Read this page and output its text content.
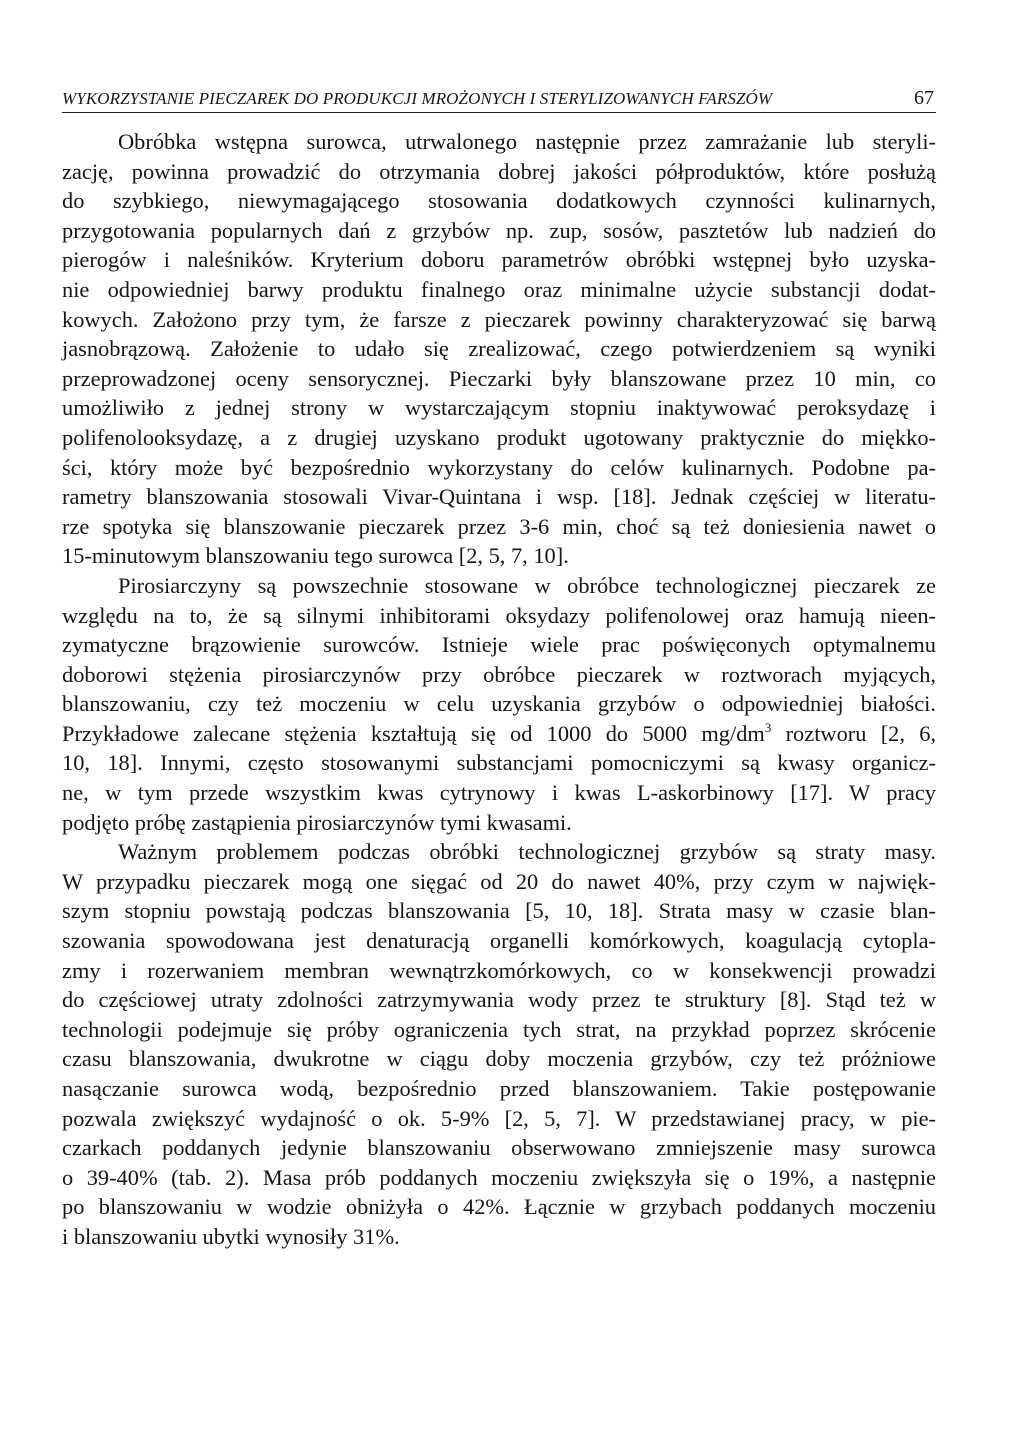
WYKORZYSTANIE PIECZAREK DO PRODUKCJI MROŻONYCH I STERYLIZOWANYCH FARSZÓW	67
Obróbka wstępna surowca, utrwalonego następnie przez zamrażanie lub steryli-
zację, powinna prowadzić do otrzymania dobrej jakości półproduktów, które posłużą
do szybkiego, niewymagającego stosowania dodatkowych czynności kulinarnych,
przygotowania popularnych dań z grzybów np. zup, sosów, pasztetów lub nadzień do
pierogów i naleśników. Kryterium doboru parametrów obróbki wstępnej było uzyska-
nie odpowiedniej barwy produktu finalnego oraz minimalne użycie substancji dodat-
kowych. Założono przy tym, że farsze z pieczarek powinny charakteryzować się barwą
jasnobrązową. Założenie to udało się zrealizować, czego potwierdzeniem są wyniki
przeprowadzonej oceny sensorycznej. Pieczarki były blanszowane przez 10 min, co
umożliwiło z jednej strony w wystarczającym stopniu inaktywować peroksydazę i
polifenolooksydazę, a z drugiej uzyskano produkt ugotowany praktycznie do miękko-
ści, który może być bezpośrednio wykorzystany do celów kulinarnych. Podobne pa-
rametry blanszowania stosowali Vivar-Quintana i wsp. [18]. Jednak częściej w literatu-
rze spotyka się blanszowanie pieczarek przez 3-6 min, choć są też doniesienia nawet o
15-minutowym blanszowaniu tego surowca [2, 5, 7, 10].
Pirosiarczyny są powszechnie stosowane w obróbce technologicznej pieczarek ze
względu na to, że są silnymi inhibitorami oksydazy polifenolowej oraz hamują nieen-
zymatyczne brązowienie surowców. Istnieje wiele prac poświęconych optymalnemu
doborowi stężenia pirosiarczynów przy obróbce pieczarek w roztworach myjących,
blanszowaniu, czy też moczeniu w celu uzyskania grzybów o odpowiedniej białości.
Przykładowe zalecane stężenia kształtują się od 1000 do 5000 $mg/dm^3$ roztworu [2, 6,
10, 18]. Innymi, często stosowanymi substancjami pomocniczymi są kwasy organicz-
ne, w tym przede wszystkim kwas cytrynowy i kwas L-askorbinowy [17]. W pracy
podjęto próbę zastąpienia pirosiarczynów tymi kwasami.
Ważnym problemem podczas obróbki technologicznej grzybów są straty masy.
W przypadku pieczarek mogą one sięgać od 20 do nawet 40%, przy czym w najwięk-
szym stopniu powstają podczas blanszowania [5, 10, 18]. Strata masy w czasie blan-
szowania spowodowana jest denaturacją organelli komórkowych, koagulacją cytopla-
zmy i rozerwaniem membran wewnątrzkomórkowych, co w konsekwencji prowadzi
do częściowej utraty zdolności zatrzymywania wody przez te struktury [8]. Stąd też w
technologii podejmuje się próby ograniczenia tych strat, na przykład poprzez skrócenie
czasu blanszowania, dwukrotne w ciągu doby moczenia grzybów, czy też próżniowe
nasączanie surowca wodą, bezpośrednio przed blanszowaniem. Takie postępowanie
pozwala zwiększyć wydajność o ok. 5-9% [2, 5, 7]. W przedstawianej pracy, w pie-
czarkach poddanych jedynie blanszowaniu obserwowano zmniejszenie masy surowca
o 39-40% (tab. 2). Masa prób poddanych moczeniu zwiększyła się o 19%, a następnie
po blanszowaniu w wodzie obniżyła o 42%. Łącznie w grzybach poddanych moczeniu
i blanszowaniu ubytki wynosiły 31%.
